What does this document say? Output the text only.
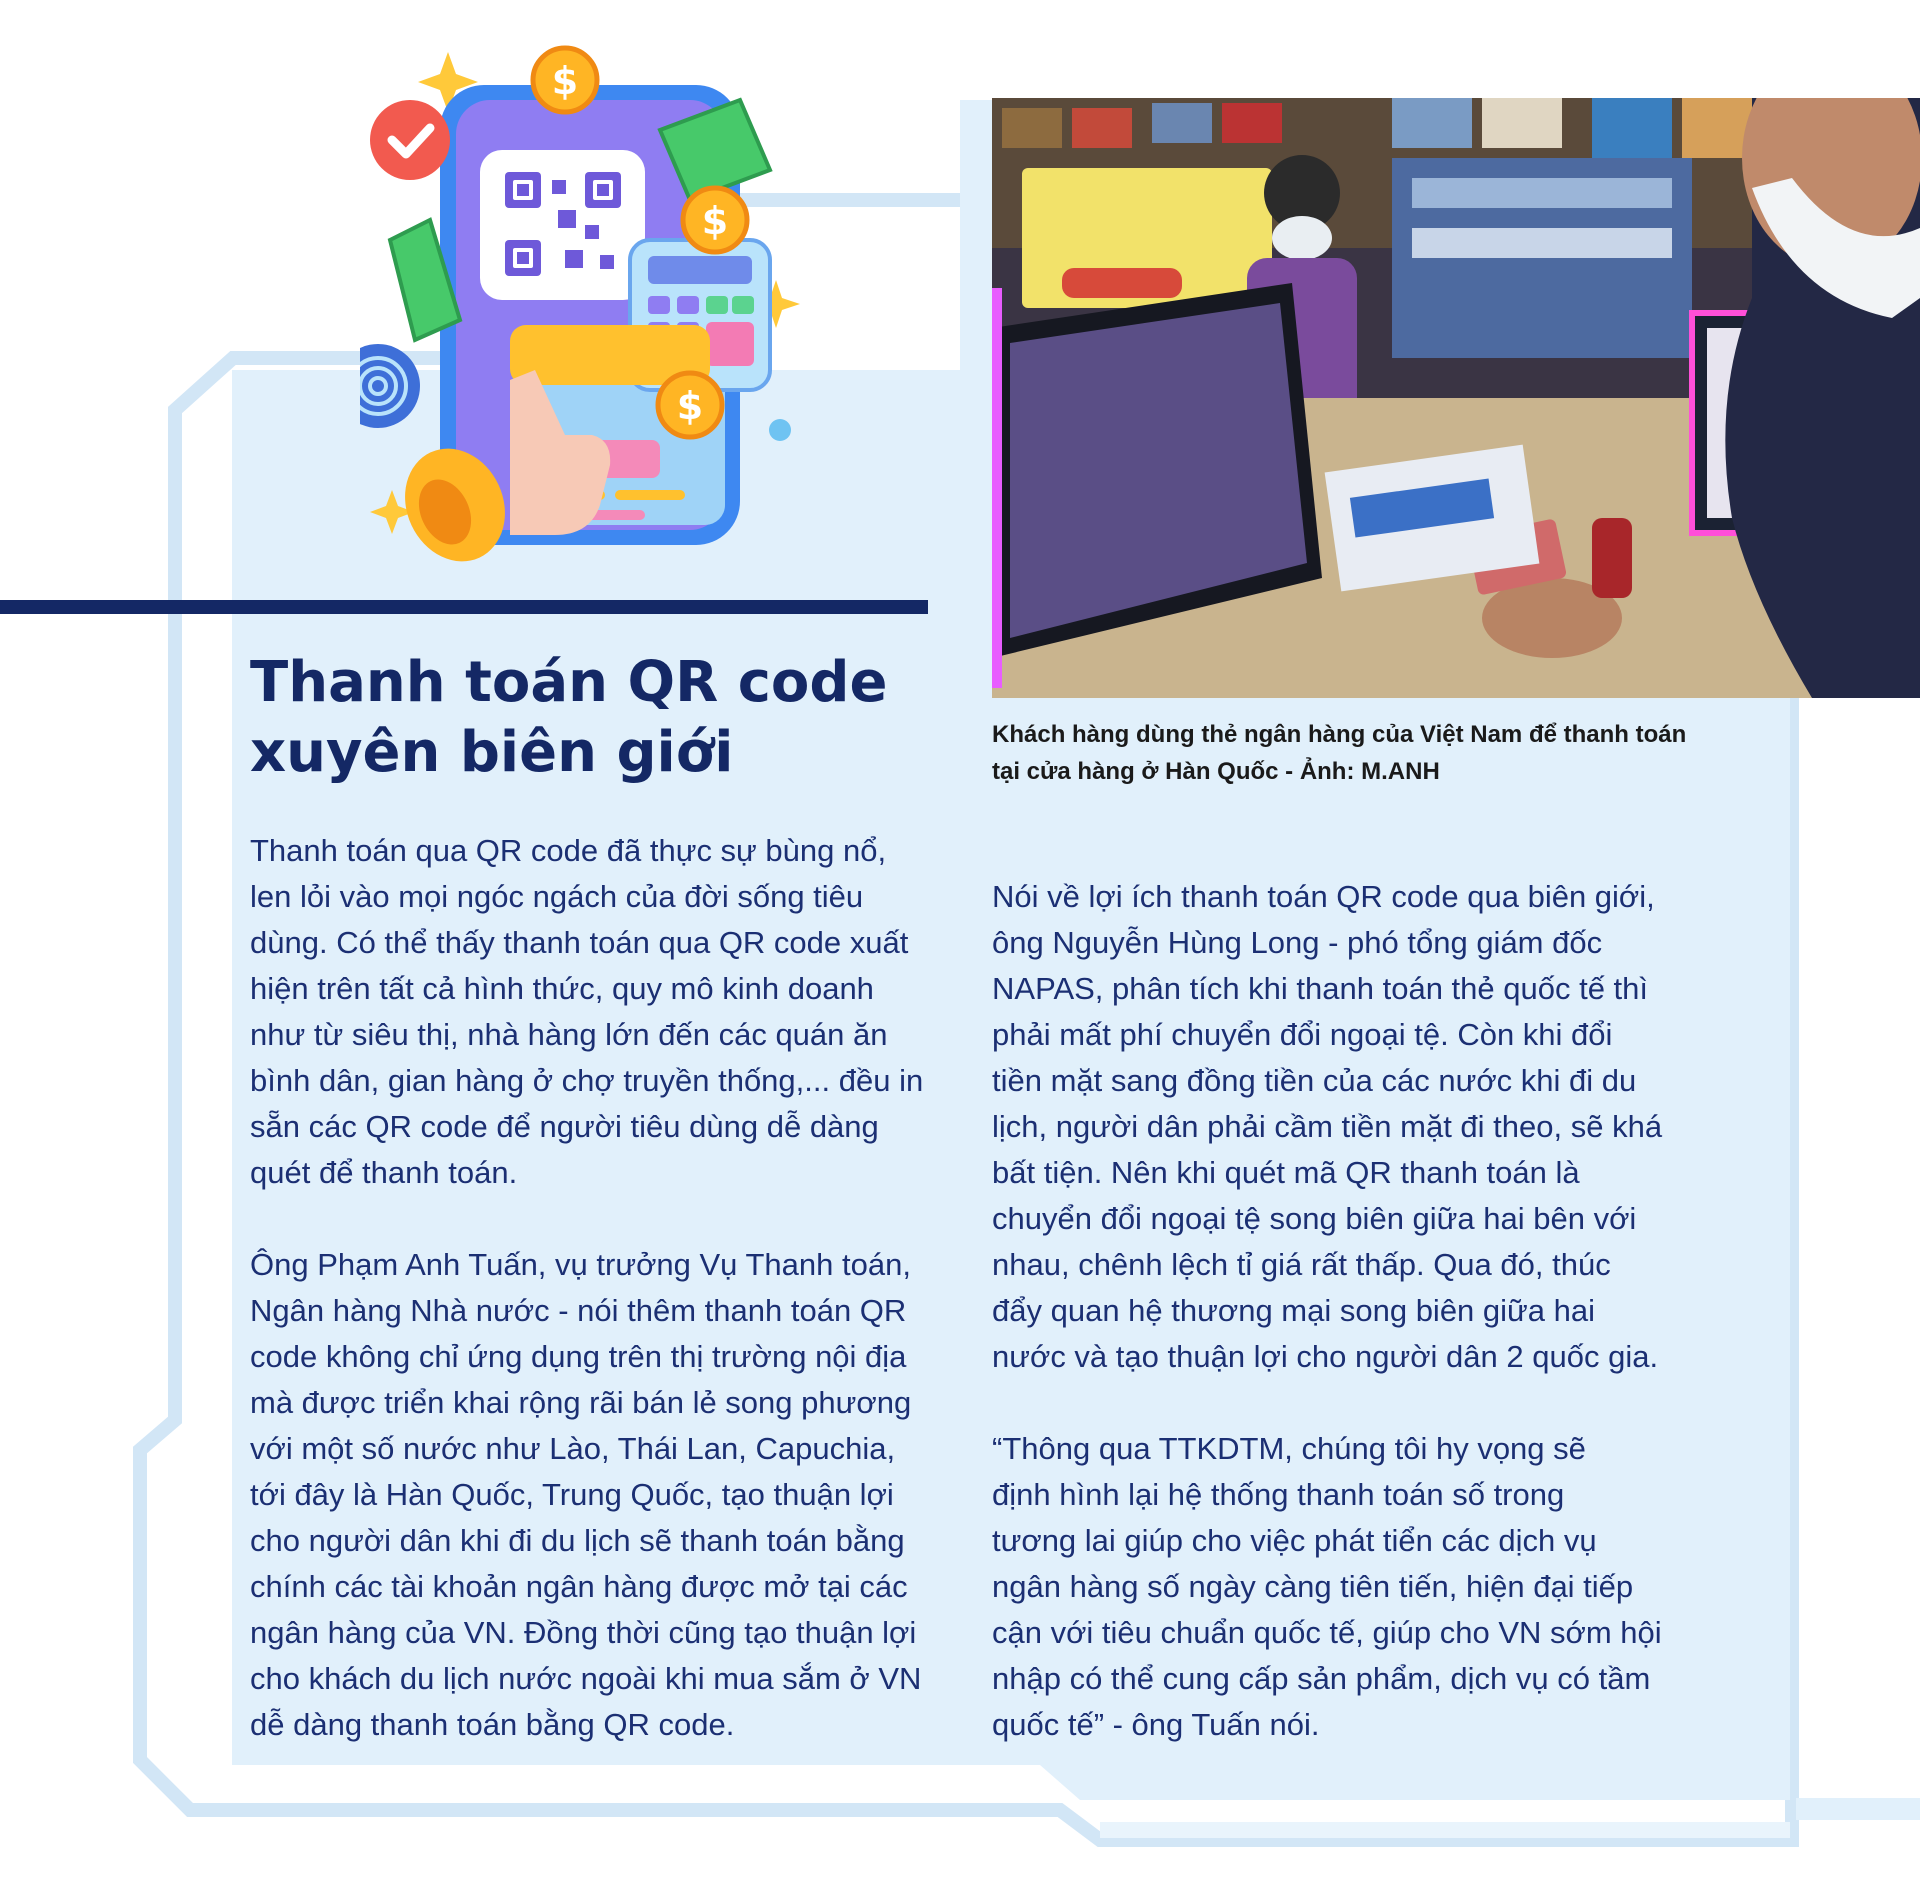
$
$
$
Thanh toán QR code xuyên biên giới	Khách hàng dùng thẻ ngân hàng của Việt Nam để thanh toán

tại cửa hàng ở Hàn Quốc - Ảnh: M.ANH

Thanh toán qua QR code đã thực sự bùng nổ,

len lỏi vào mọi ngóc ngách của đời sống tiêu

dùng. Có thể thấy thanh toán qua QR code xuất

hiện trên tất cả hình thức, quy mô kinh doanh

như từ siêu thị, nhà hàng lớn đến các quán ăn

bình dân, gian hàng ở chợ truyền thống,... đều in

sẵn các QR code để người tiêu dùng dễ dàng

quét để thanh toán.

Ông Phạm Anh Tuấn, vụ trưởng Vụ Thanh toán,

Ngân hàng Nhà nước - nói thêm thanh toán QR

code không chỉ ứng dụng trên thị trường nội địa

mà được triển khai rộng rãi bán lẻ song phương

với một số nước như Lào, Thái Lan, Capuchia,

tới đây là Hàn Quốc, Trung Quốc, tạo thuận lợi

cho người dân khi đi du lịch sẽ thanh toán bằng

chính các tài khoản ngân hàng được mở tại các

ngân hàng của VN. Đồng thời cũng tạo thuận lợi

cho khách du lịch nước ngoài khi mua sắm ở VN

dễ dàng thanh toán bằng QR code.

Nói về lợi ích thanh toán QR code qua biên giới,

ông Nguyễn Hùng Long - phó tổng giám đốc

NAPAS, phân tích khi thanh toán thẻ quốc tế thì

phải mất phí chuyển đổi ngoại tệ. Còn khi đổi

tiền mặt sang đồng tiền của các nước khi đi du

lịch, người dân phải cầm tiền mặt đi theo, sẽ khá

bất tiện. Nên khi quét mã QR thanh toán là

chuyển đổi ngoại tệ song biên giữa hai bên với

nhau, chênh lệch tỉ giá rất thấp. Qua đó, thúc

đẩy quan hệ thương mại song biên giữa hai

nước và tạo thuận lợi cho người dân 2 quốc gia.

“Thông qua TTKDTM, chúng tôi hy vọng sẽ

định hình lại hệ thống thanh toán số trong

tương lai giúp cho việc phát tiển các dịch vụ

ngân hàng số ngày càng tiên tiến, hiện đại tiếp

cận với tiêu chuẩn quốc tế, giúp cho VN sớm hội

nhập có thể cung cấp sản phẩm, dịch vụ có tầm

quốc tế” - ông Tuấn nói.
